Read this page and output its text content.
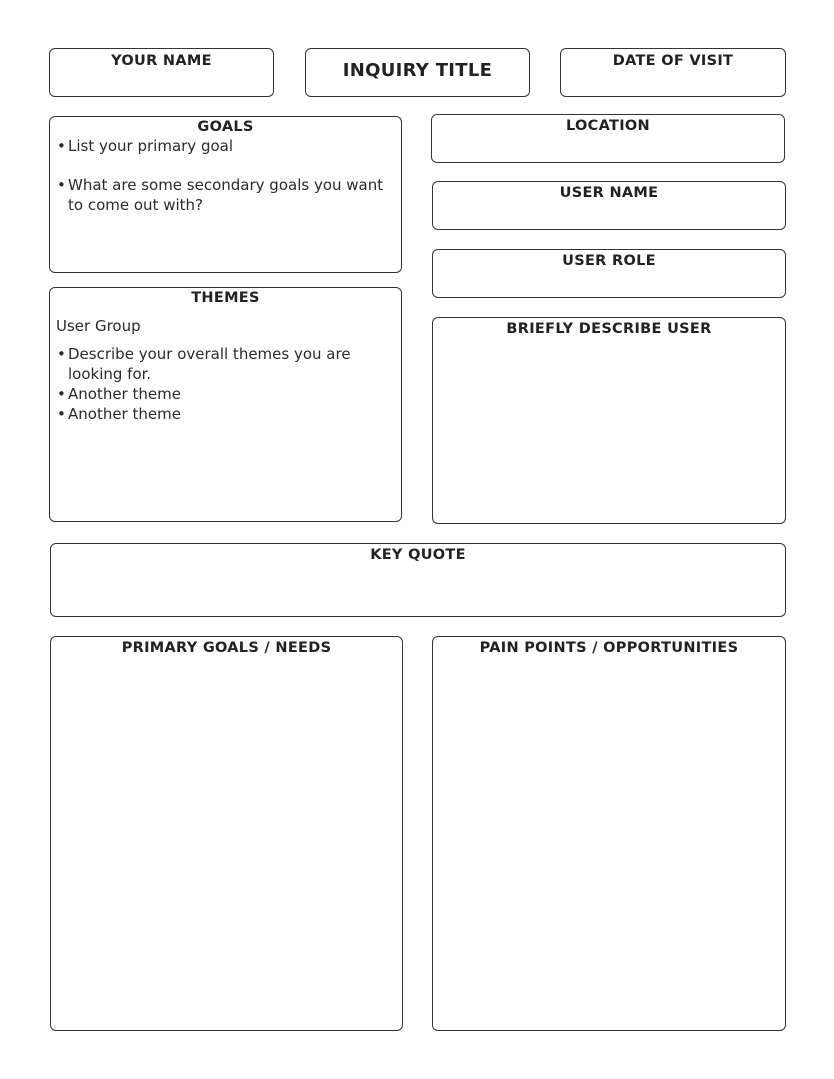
YOUR NAME	INQUIRY TITLE	DATE OF VISIT
GOALS
• List your primary goal
• What are some secondary goals you want to come out with?
THEMES
User Group
• Describe your overall themes you are looking for.
• Another theme
• Another theme
LOCATION
USER NAME
USER ROLE
BRIEFLY DESCRIBE USER
KEY QUOTE
PRIMARY GOALS / NEEDS	PAIN POINTS / OPPORTUNITIES
